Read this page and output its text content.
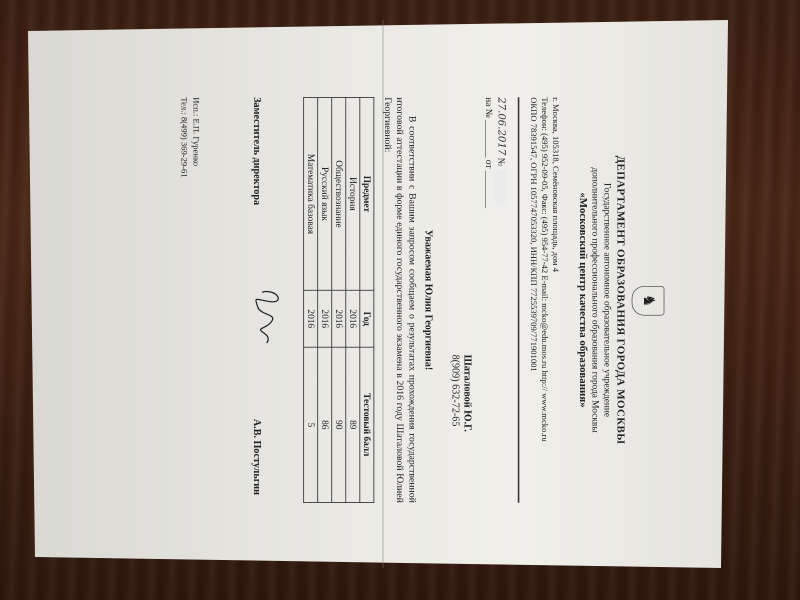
♞
ДЕПАРТАМЕНТ ОБРАЗОВАНИЯ ГОРОДА МОСКВЫ
Государственное автономное образовательное учреждение
дополнительного профессионального образования города Москвы
«Московский центр качества образования»
г. Москва, 105318, Семёновская площадь, дом 4
Телефон: (495) 952-09-05, Факс: (495) 954-77-42 E-mail: mcko@edu.mos.ru http:// www.mcko.ru
ОКПО 78391547, ОГРН 1057747053320, ИНН/КПП 7725539709/771901001
27.06.2017 №
на № ________ от ________
Шаталовой Ю.Г.
8(909) 632-72-65
Уважаемая Юлия Георгиевна!
В соответствии с Вашим запросом сообщаем о результатах прохождения государственной итоговой аттестации в форме единого государственного экзамена в 2016 году Шаталовой Юлией Георгиевной:
Предмет	Год	Тестовый балл
История	2016	89
Обществознание	2016	90
Русский язык	2016	86
Математика базовая	2016	5
Заместитель директора
А.В. Постульгин
Исп.: Е.П. Гуренко
Тел.: 8(499) 369-29-61
